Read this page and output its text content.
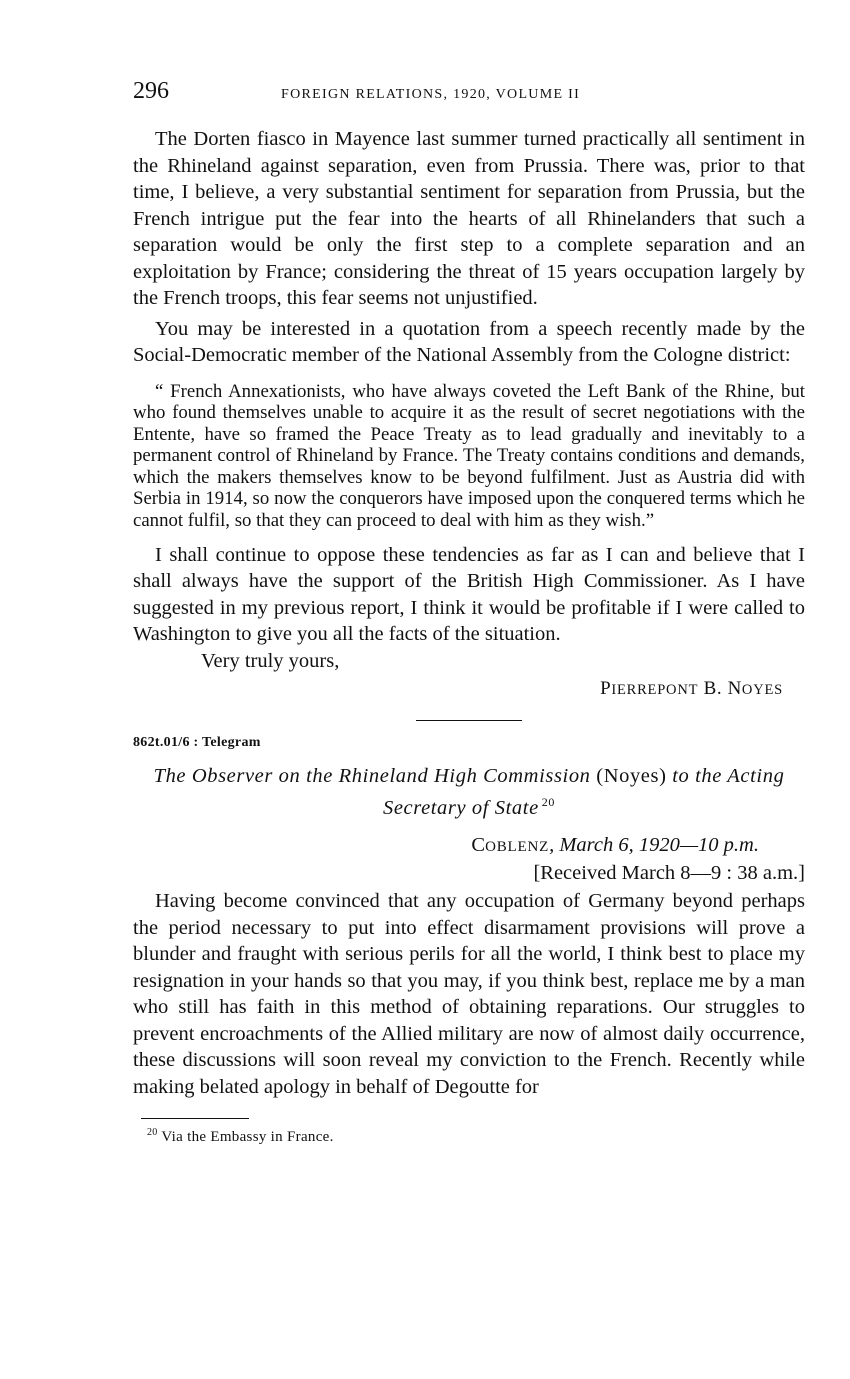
296	FOREIGN RELATIONS, 1920, VOLUME II

The Dorten fiasco in Mayence last summer turned practically all sentiment in the Rhineland against separation, even from Prussia. There was, prior to that time, I believe, a very substantial sentiment for separation from Prussia, but the French intrigue put the fear into the hearts of all Rhinelanders that such a separation would be only the first step to a complete separation and an exploitation by France; considering the threat of 15 years occupation largely by the French troops, this fear seems not unjustified.

You may be interested in a quotation from a speech recently made by the Social-Democratic member of the National Assembly from the Cologne district:

“ French Annexationists, who have always coveted the Left Bank of the Rhine, but who found themselves unable to acquire it as the result of secret negotiations with the Entente, have so framed the Peace Treaty as to lead gradually and inevitably to a permanent control of Rhineland by France. The Treaty contains conditions and demands, which the makers themselves know to be beyond fulfilment. Just as Austria did with Serbia in 1914, so now the conquerors have imposed upon the conquered terms which he cannot fulfil, so that they can proceed to deal with him as they wish.”

I shall continue to oppose these tendencies as far as I can and believe that I shall always have the support of the British High Commissioner. As I have suggested in my previous report, I think it would be profitable if I were called to Washington to give you all the facts of the situation.

Very truly yours,

PIERREPONT B. NOYES

862t.01/6 : Telegram

The Observer on the Rhineland High Commission (Noyes) to the Acting Secretary of State $^{20}$

COBLENZ, March 6, 1920—10 p.m.

[Received March 8—9 : 38 a.m.]

Having become convinced that any occupation of Germany beyond perhaps the period necessary to put into effect disarmament provisions will prove a blunder and fraught with serious perils for all the world, I think best to place my resignation in your hands so that you may, if you think best, replace me by a man who still has faith in this method of obtaining reparations. Our struggles to prevent encroachments of the Allied military are now of almost daily occurrence, these discussions will soon reveal my conviction to the French. Recently while making belated apology in behalf of Degoutte for

$^{20}$ Via the Embassy in France.
